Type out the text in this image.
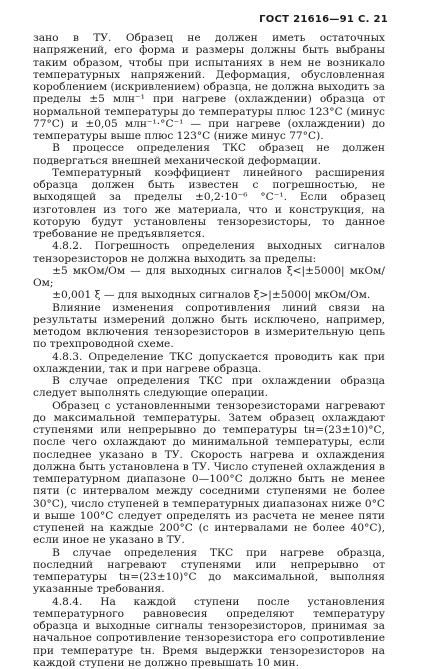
ГОСТ 21616—91 С. 21

зано в ТУ. Образец не должен иметь остаточных напряжений, его форма и размеры должны быть выбраны таким образом, чтобы при испытаниях в нем не возникало температурных напряжений. Деформация, обусловленная короблением (искривлением) образца, не должна выходить за пределы ±5 млн⁻¹ при нагреве (охлаждении) образца от нормальной температуры до температуры плюс 123°С (минус 77°С) и ±0,05 млн⁻¹·°С⁻¹ — при нагреве (охлаждении) до температуры выше плюс 123°С (ниже минус 77°С).

В процессе определения ТКС образец не должен подвергаться внешней механической деформации.

Температурный коэффициент линейного расширения образца должен быть известен с погрешностью, не выходящей за пределы ±0,2·10⁻⁶ °С⁻¹. Если образец изготовлен из того же материала, что и конструкция, на которую будут установлены тензорезисторы, то данное требование не предъявляется.

4.8.2. Погрешность определения выходных сигналов тензорезисторов не должна выходить за пределы:

±5 мкОм/Ом — для выходных сигналов ξ<|±5000| мкОм/Ом;

±0,001 ξ — для выходных сигналов ξ>|±5000| мкОм/Ом.

Влияние изменения сопротивления линий связи на результаты измерений должно быть исключено, например, методом включения тензорезисторов в измерительную цепь по трехпроводной схеме.

4.8.3. Определение ТКС допускается проводить как при охлаждении, так и при нагреве образца.

В случае определения ТКС при охлаждении образца следует выполнять следующие операции.

Образец с установленными тензорезисторами нагревают до максимальной температуры. Затем образец охлаждают ступенями или непрерывно до температуры tн=(23±10)°С, после чего охлаждают до минимальной температуры, если последнее указано в ТУ. Скорость нагрева и охлаждения должна быть установлена в ТУ. Число ступеней охлаждения в температурном диапазоне 0—100°С должно быть не менее пяти (с интервалом между соседними ступенями не более 30°С), число ступеней в температурных диапазонах ниже 0°С и выше 100°С следует определять из расчета не менее пяти ступеней на каждые 200°С (с интервалами не более 40°С), если иное не указано в ТУ.

В случае определения ТКС при нагреве образца, последний нагревают ступенями или непрерывно от температуры tн=(23±10)°С до максимальной, выполняя указанные требования.

4.8.4. На каждой ступени после установления температурного равновесия определяют температуру образца и выходные сигналы тензорезисторов, принимая за начальное сопротивление тензорезистора его сопротивление при температуре tн. Время выдержки тензорезисторов на каждой ступени не должно превышать 10 мин.
